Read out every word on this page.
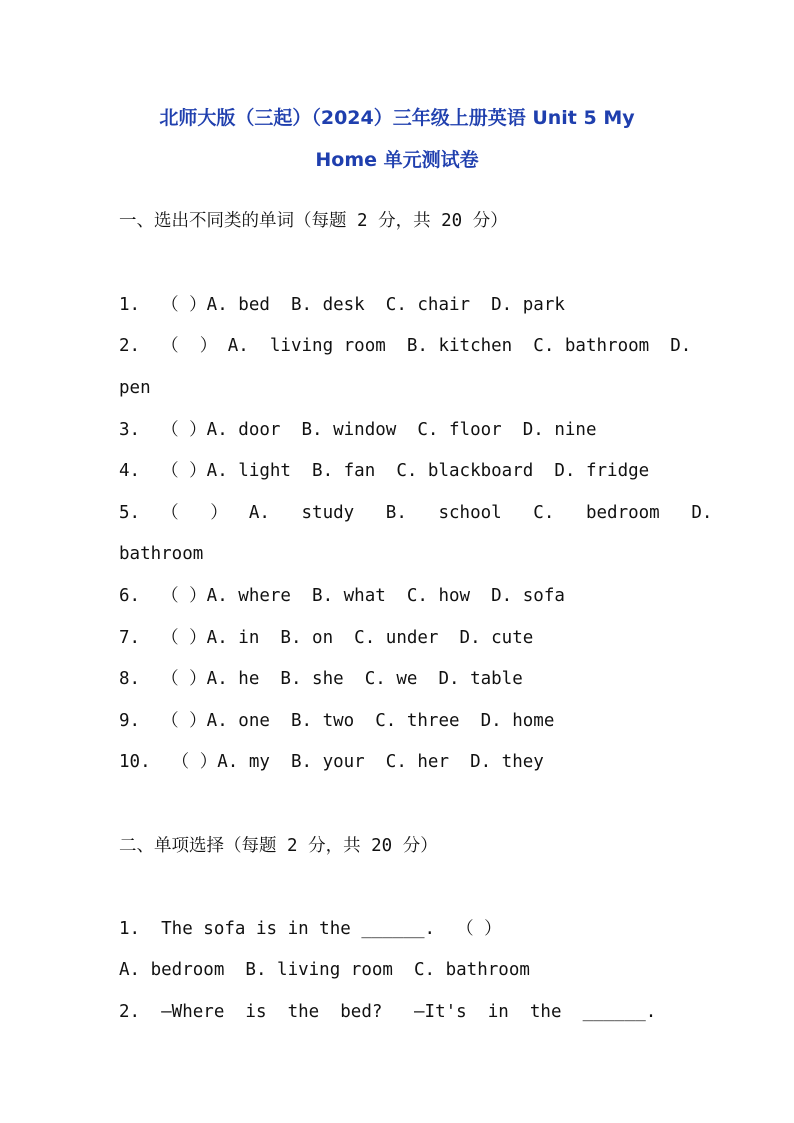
北师大版（三起）（2024）三年级上册英语 Unit 5 My
Home 单元测试卷
一、选出不同类的单词（每题 2 分，共 20 分）
1.  （ ）A. bed  B. desk  C. chair  D. park
2.  （  ） A.  living room  B. kitchen  C. bathroom  D.
pen
3.  （ ）A. door  B. window  C. floor  D. nine
4.  （ ）A. light  B. fan  C. blackboard  D. fridge
5.  （   ）  A.   study   B.   school   C.   bedroom   D.
bathroom
6.  （ ）A. where  B. what  C. how  D. sofa
7.  （ ）A. in  B. on  C. under  D. cute
8.  （ ）A. he  B. she  C. we  D. table
9.  （ ）A. one  B. two  C. three  D. home
10.  （ ）A. my  B. your  C. her  D. they
二、单项选择（每题 2 分，共 20 分）
1.  The sofa is in the ______.  （ ）
A. bedroom  B. living room  C. bathroom
2.  —Where  is  the  bed?   —It's  in  the  ______.
